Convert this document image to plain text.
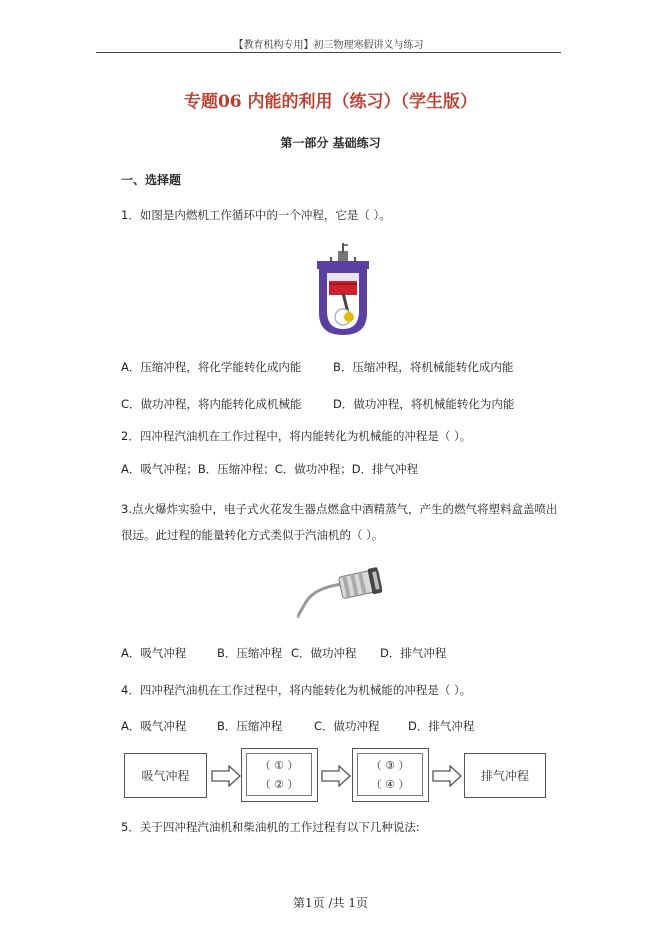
【教育机构专用】初三物理寒假讲义与练习
专题06 内能的利用（练习）（学生版）
第一部分 基础练习
一、选择题
1．如图是内燃机工作循环中的一个冲程，它是（ ）。
A．压缩冲程，将化学能转化成内能	B．压缩冲程，将机械能转化成内能
C．做功冲程，将内能转化成机械能	D．做功冲程，将机械能转化为内能
2．四冲程汽油机在工作过程中，将内能转化为机械能的冲程是（ ）。
A．吸气冲程；B．压缩冲程；C．做功冲程；D．排气冲程
3.点火爆炸实验中，电子式火花发生器点燃盒中酒精蒸气，产生的燃气将塑料盒盖喷出
很远。此过程的能量转化方式类似于汽油机的（ ）。
A．吸气冲程	B．压缩冲程 C．做功冲程 D．排气冲程
4．四冲程汽油机在工作过程中，将内能转化为机械能的冲程是（ ）。
A．吸气冲程	B．压缩冲程	C．做功冲程 D．排气冲程
吸气冲程
（ ① ）
（ ② ）
（ ③ ）
（ ④ ）
排气冲程
5．关于四冲程汽油机和柴油机的工作过程有以下几种说法:
第1页 /共 1页
